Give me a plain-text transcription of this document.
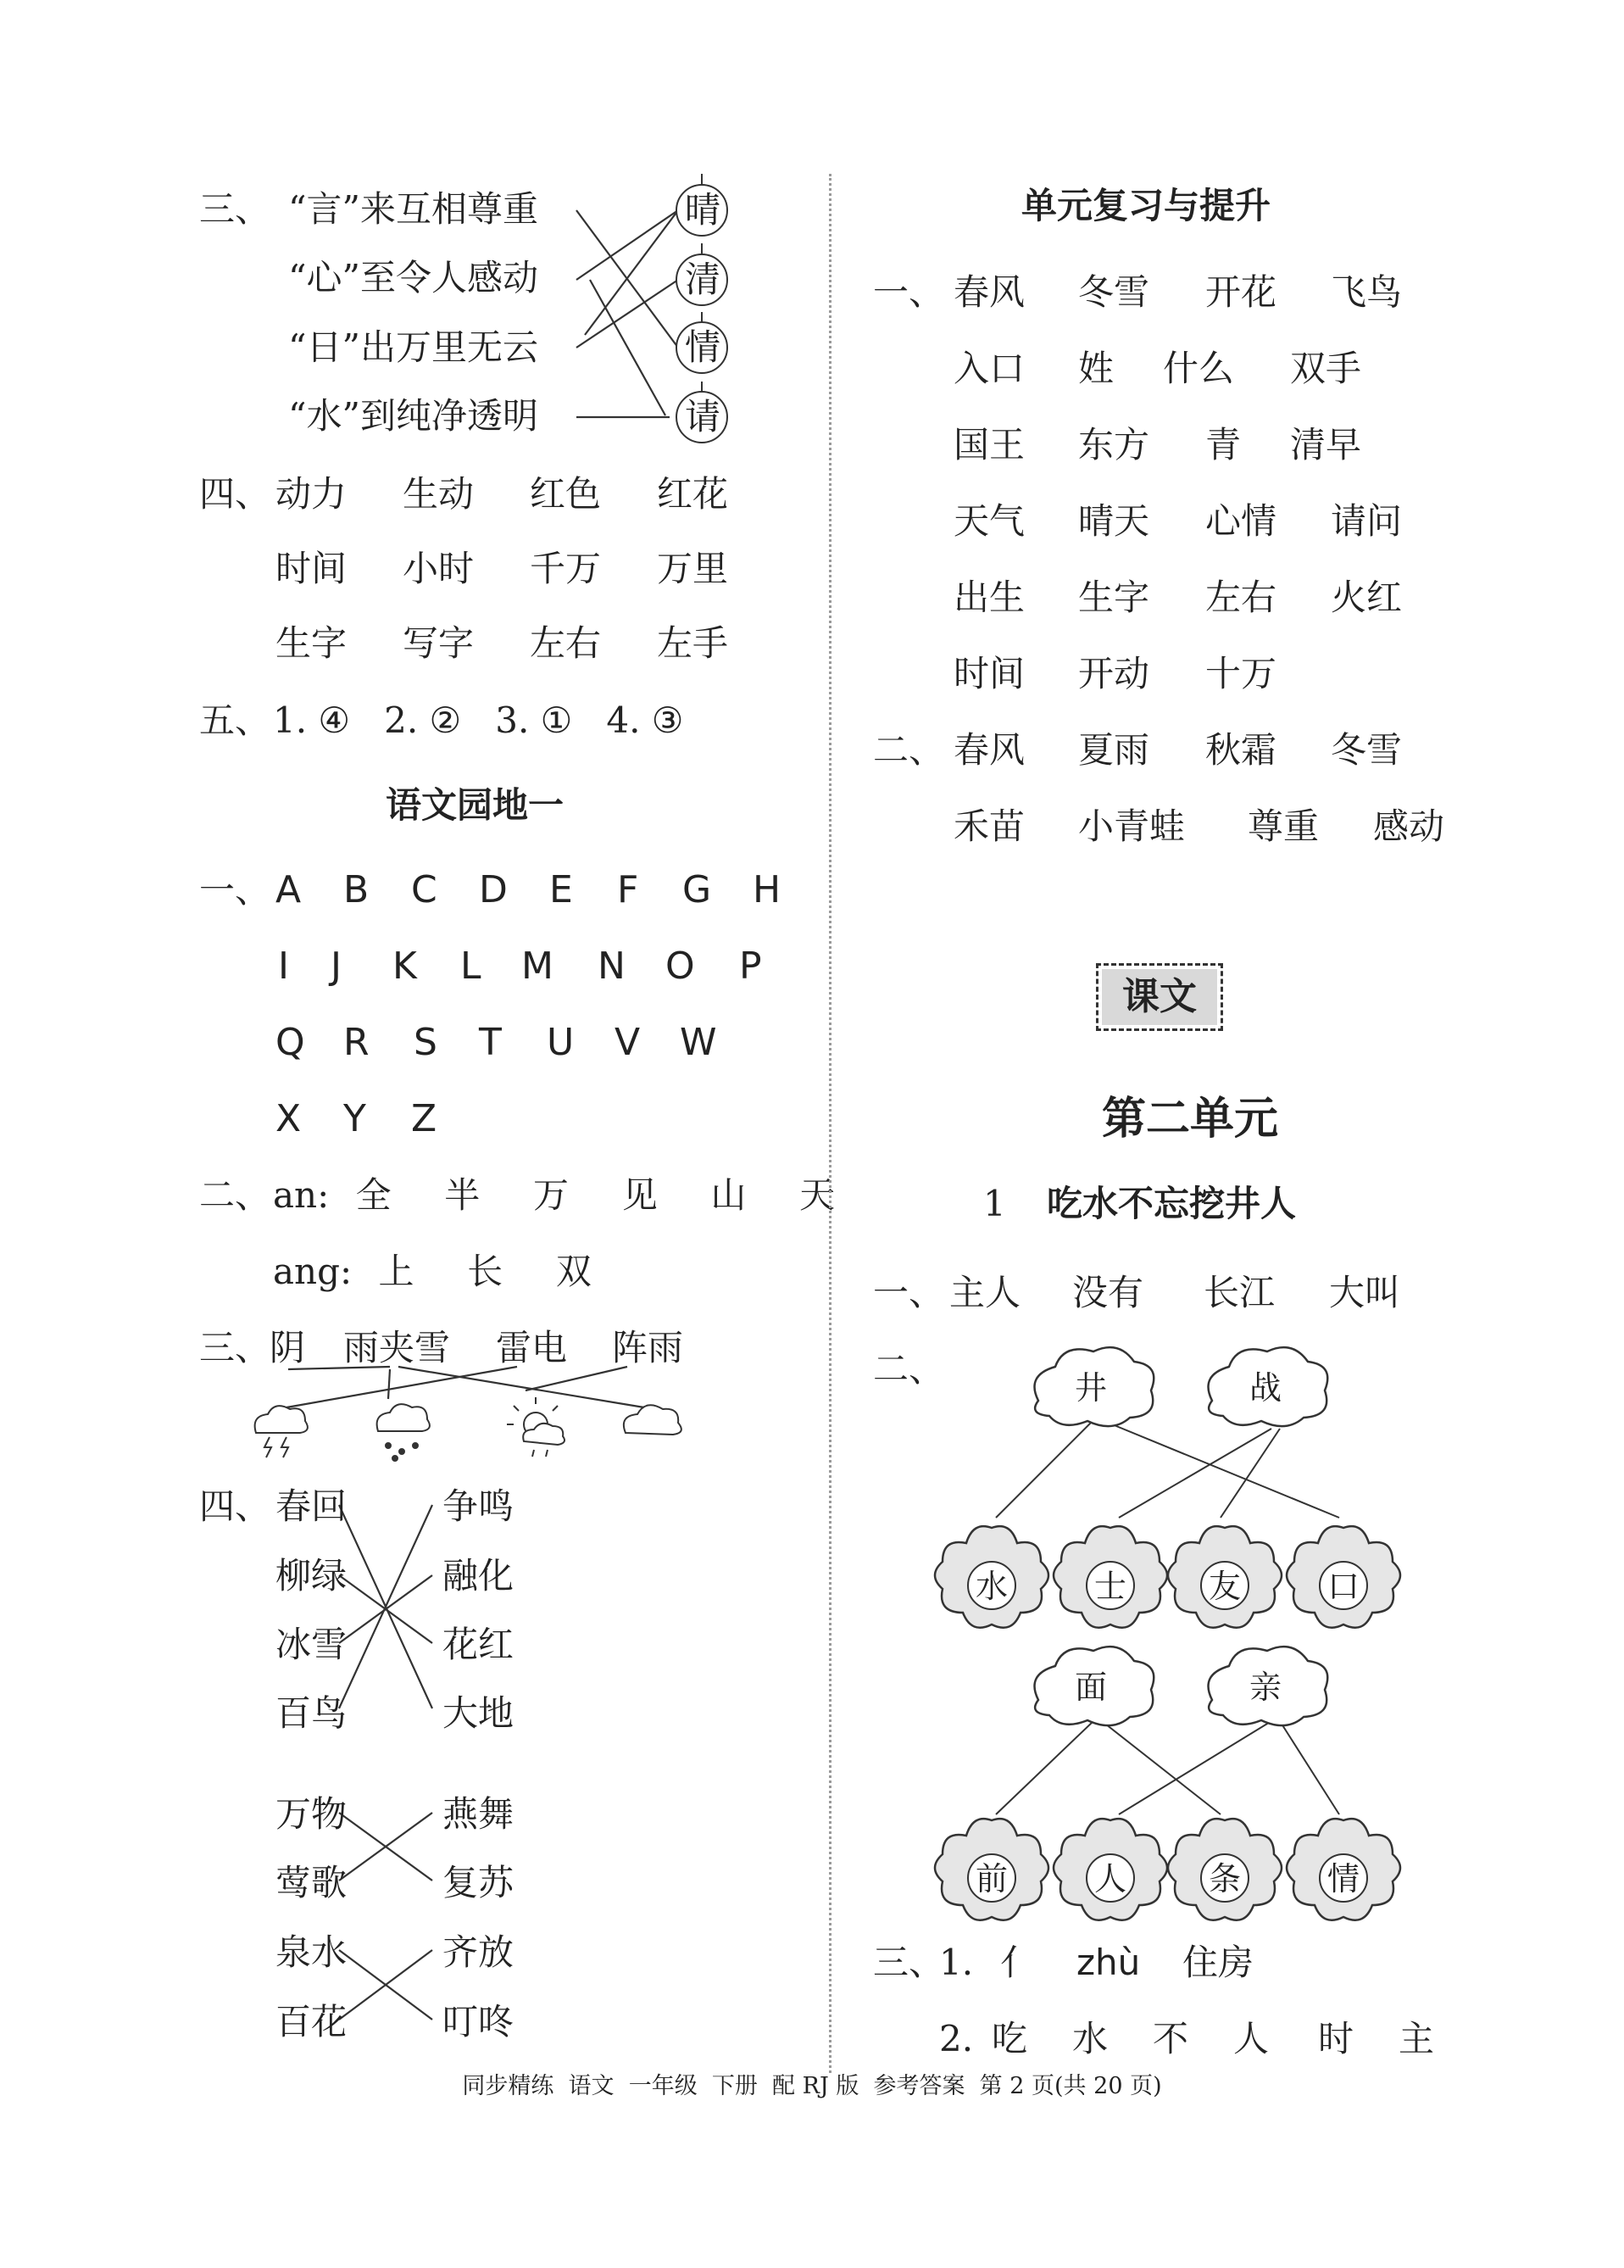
三、 “言”来互相尊重
“心”至令人感动
“日”出万里无云
“水”到纯净透明
晴
清
情
请
四、 动力 生动 红色 红花
时间 小时 千万 万里
生字 写字 左右 左手
五、 1. ④   2. ②   3. ①   4. ③
语文园地一
一、 A B C D E F G H
I J K L M N O P
Q R S T U V W
X Y Z
二、 an: 全  半  万  见  山  天
ang: 上  长  双
三、
阴 雨夹雪 雷电 阵雨
四、 春回
柳绿
冰雪
百鸟
争鸣
融化
花红
大地
万物
莺歌
泉水
百花
燕舞
复苏
齐放
叮咚
单元复习与提升
一、 春风 冬雪 开花 飞鸟
入口 姓 什么 双手
国王 东方 青 清早
天气 晴天 心情 请问
出生 生字 左右 火红
时间 开动 十万
二、 春风 夏雨 秋霜 冬雪
禾苗 小青蛙 尊重 感动
课文
第二单元
1 吃水不忘挖井人
一、 主人 没有 长江 大叫
二、	井	战
水	士	友	口
面	亲
前	人	条	情
三、
1. 亻 zhù 住房
2. 吃 水 不 人 时 主
同步精练  语文  一年级  下册  配 RJ 版  参考答案  第 2 页(共 20 页)
